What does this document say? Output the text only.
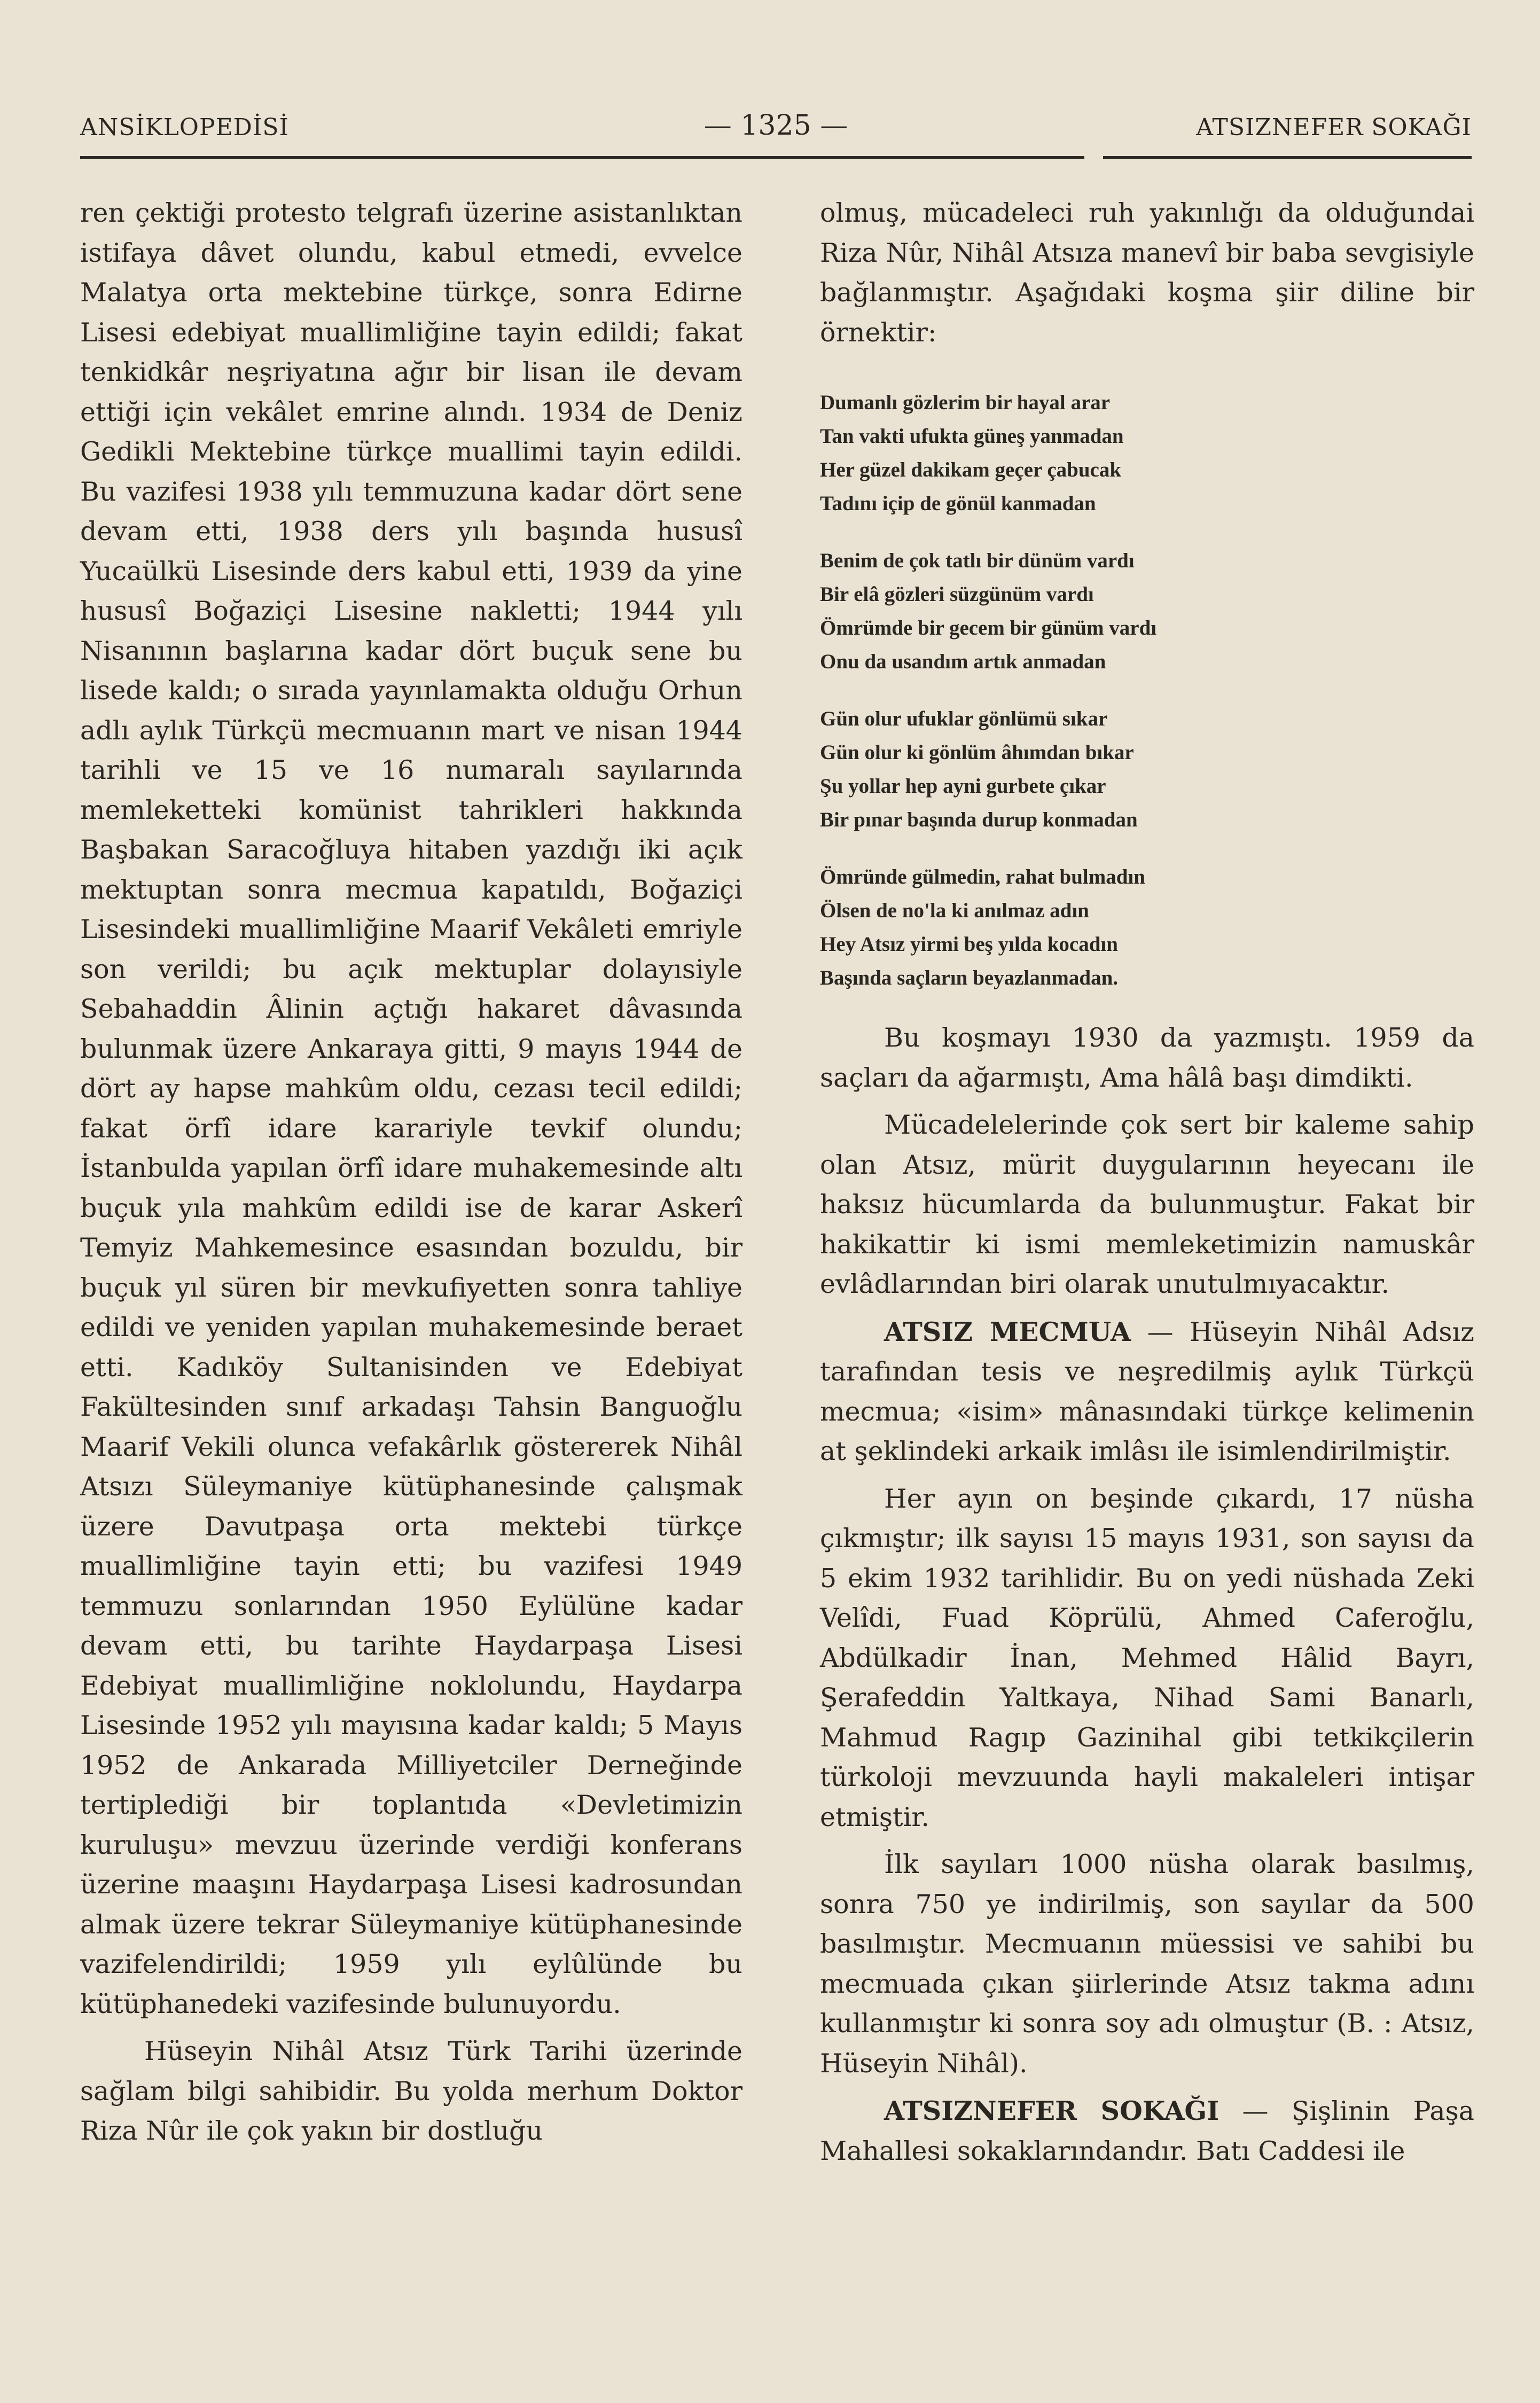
ANSİKLOPEDİSİ	— 1325 —	ATSIZNEFER SOKAĞI

ren çektiği protesto telgrafı üzerine asistanlıktan istifaya dâvet olundu, kabul etmedi, evvelce Malatya orta mektebine türkçe, sonra Edirne Lisesi edebiyat muallimliğine tayin edildi; fakat tenkidkâr neşriyatına ağır bir lisan ile devam ettiği için vekâlet emrine alındı. 1934 de Deniz Gedikli Mektebine türkçe muallimi tayin edildi. Bu vazifesi 1938 yılı temmuzuna kadar dört sene devam etti, 1938 ders yılı başında hususî Yucaülkü Lisesinde ders kabul etti, 1939 da yine hususî Boğaziçi Lisesine nakletti; 1944 yılı Nisanının başlarına kadar dört buçuk sene bu lisede kaldı; o sırada yayınlamakta olduğu Orhun adlı aylık Türkçü mecmuanın mart ve nisan 1944 tarihli ve 15 ve 16 numaralı sayılarında memleketteki komünist tahrikleri hakkında Başbakan Saracoğluya hitaben yazdığı iki açık mektuptan sonra mecmua kapatıldı, Boğaziçi Lisesindeki muallimliğine Maarif Vekâleti emriyle son verildi; bu açık mektuplar dolayısiyle Sebahaddin Âlinin açtığı hakaret dâvasında bulunmak üzere Ankaraya gitti, 9 mayıs 1944 de dört ay hapse mahkûm oldu, cezası tecil edildi; fakat örfî idare karariyle tevkif olundu; İstanbulda yapılan örfî idare muhakemesinde altı buçuk yıla mahkûm edildi ise de karar Askerî Temyiz Mahkemesince esasından bozuldu, bir buçuk yıl süren bir mevkufiyetten sonra tahliye edildi ve yeniden yapılan muhakemesinde beraet etti. Kadıköy Sultanisinden ve Edebiyat Fakültesinden sınıf arkadaşı Tahsin Banguoğlu Maarif Vekili olunca vefakârlık göstererek Nihâl Atsızı Süleymaniye kütüphanesinde çalışmak üzere Davutpaşa orta mektebi türkçe muallimliğine tayin etti; bu vazifesi 1949 temmuzu sonlarından 1950 Eylülüne kadar devam etti, bu tarihte Haydarpaşa Lisesi Edebiyat muallimliğine noklolundu, Haydarpa Lisesinde 1952 yılı mayısına kadar kaldı; 5 Mayıs 1952 de Ankarada Milliyetciler Derneğinde tertiplediği bir toplantıda «Devletimizin kuruluşu» mevzuu üzerinde verdiği konferans üzerine maaşını Haydarpaşa Lisesi kadrosundan almak üzere tekrar Süleymaniye kütüphanesinde vazifelendirildi; 1959 yılı eylûlünde bu kütüphanedeki vazifesinde bulunuyordu.

Hüseyin Nihâl Atsız Türk Tarihi üzerinde sağlam bilgi sahibidir. Bu yolda merhum Doktor Riza Nûr ile çok yakın bir dostluğu

olmuş, mücadeleci ruh yakınlığı da olduğundai Riza Nûr, Nihâl Atsıza manevî bir baba sevgisiyle bağlanmıştır. Aşağıdaki koşma şiir diline bir örnektir:

Dumanlı gözlerim bir hayal arar
Tan vakti ufukta güneş yanmadan
Her güzel dakikam geçer çabucak
Tadını içip de gönül kanmadan
Benim de çok tatlı bir dünüm vardı
Bir elâ gözleri süzgünüm vardı
Ömrümde bir gecem bir günüm vardı
Onu da usandım artık anmadan
Gün olur ufuklar gönlümü sıkar
Gün olur ki gönlüm âhımdan bıkar
Şu yollar hep ayni gurbete çıkar
Bir pınar başında durup konmadan
Ömründe gülmedin, rahat bulmadın
Ölsen de no'la ki anılmaz adın
Hey Atsız yirmi beş yılda kocadın
Başında saçların beyazlanmadan.

Bu koşmayı 1930 da yazmıştı. 1959 da saçları da ağarmıştı, Ama hâlâ başı dimdikti.

Mücadelelerinde çok sert bir kaleme sahip olan Atsız, mürit duygularının heyecanı ile haksız hücumlarda da bulunmuştur. Fakat bir hakikattir ki ismi memleketimizin namuskâr evlâdlarından biri olarak unutulmıyacaktır.

ATSIZ MECMUA — Hüseyin Nihâl Adsız tarafından tesis ve neşredilmiş aylık Türkçü mecmua; «isim» mânasındaki türkçe kelimenin at şeklindeki arkaik imlâsı ile isimlendirilmiştir.

Her ayın on beşinde çıkardı, 17 nüsha çıkmıştır; ilk sayısı 15 mayıs 1931, son sayısı da 5 ekim 1932 tarihlidir. Bu on yedi nüshada Zeki Velîdi, Fuad Köprülü, Ahmed Caferoğlu, Abdülkadir İnan, Mehmed Hâlid Bayrı, Şerafeddin Yaltkaya, Nihad Sami Banarlı, Mahmud Ragıp Gazinihal gibi tetkikçilerin türkoloji mevzuunda hayli makaleleri intişar etmiştir.

İlk sayıları 1000 nüsha olarak basılmış, sonra 750 ye indirilmiş, son sayılar da 500 basılmıştır. Mecmuanın müessisi ve sahibi bu mecmuada çıkan şiirlerinde Atsız takma adını kullanmıştır ki sonra soy adı olmuştur (B. : Atsız, Hüseyin Nihâl).

ATSIZNEFER SOKAĞI — Şişlinin Paşa Mahallesi sokaklarındandır. Batı Caddesi ile
